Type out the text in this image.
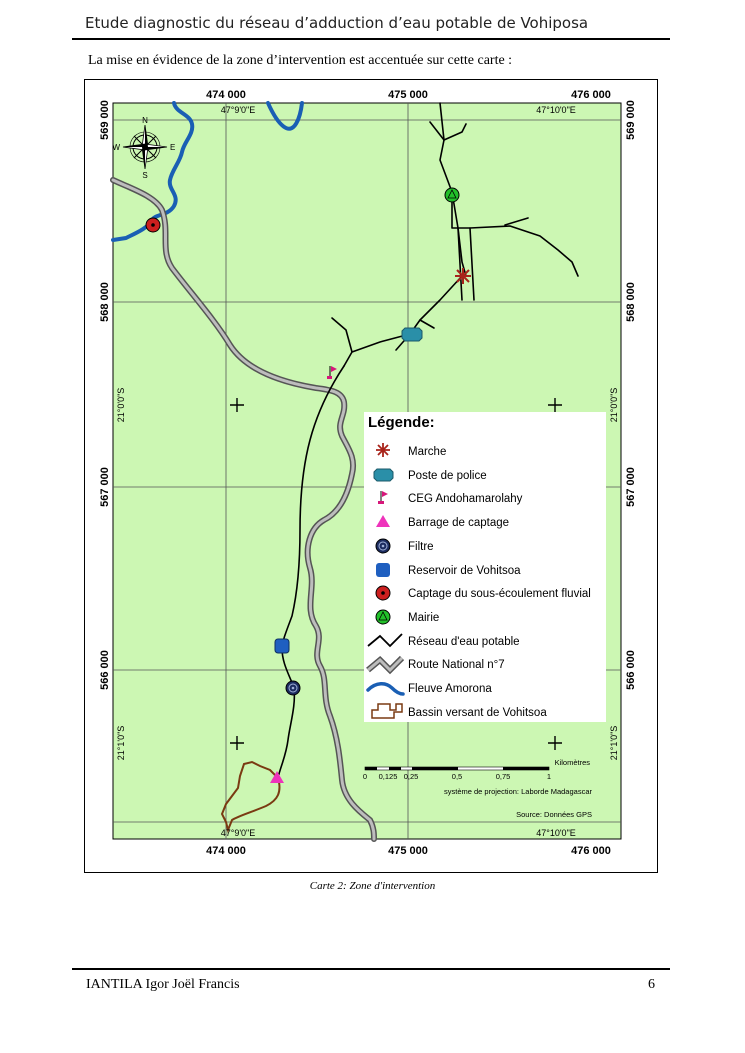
Etude diagnostic du réseau d’adduction d’eau potable de Vohiposa
La mise en évidence de la zone d’intervention est accentuée sur cette carte :
N
S
E
W
474 000	475 000	476 000
474 000	475 000	476 000
569 000
568 000
567 000
566 000
569 000
568 000
567 000
566 000
47°9'0"E	47°10'0"E
47°9'0"E	47°10'0"E
21°0'0"S
21°1'0"S
21°0'0"S
21°1'0"S
Légende:
Marche
Poste de police
CEG Andohamarolahy
Barrage de captage
Filtre
Reservoir de Vohitsoa
Captage du sous-écoulement fluvial
Mairie
Réseau d'eau potable
Route National n°7
Fleuve Amorona
Bassin versant de Vohitsoa
Kilomètres
0 0,125 0,25	0,5	0,75	1
système de projection: Laborde Madagascar
Source: Données GPS
Carte 2: Zone d'intervention
IANTILA Igor Joël Francis	6
